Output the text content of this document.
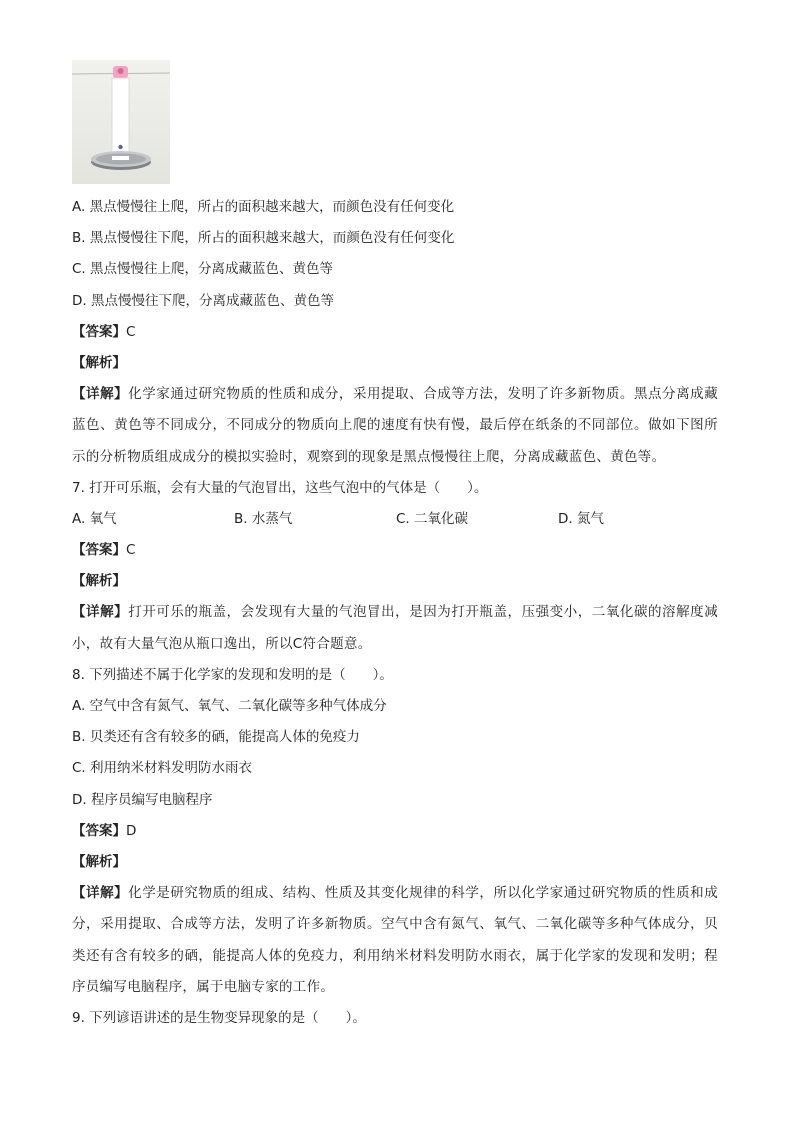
A. 黑点慢慢往上爬，所占的面积越来越大，而颜色没有任何变化
B. 黑点慢慢往下爬，所占的面积越来越大，而颜色没有任何变化
C. 黑点慢慢往上爬，分离成藏蓝色、黄色等
D. 黑点慢慢往下爬，分离成藏蓝色、黄色等
【答案】C
【解析】
【详解】化学家通过研究物质的性质和成分，采用提取、合成等方法，发明了许多新物质。黑点分离成藏蓝色、黄色等不同成分，不同成分的物质向上爬的速度有快有慢，最后停在纸条的不同部位。做如下图所示的分析物质组成成分的模拟实验时，观察到的现象是黑点慢慢往上爬，分离成藏蓝色、黄色等。
7. 打开可乐瓶，会有大量的气泡冒出，这些气泡中的气体是（　　）。
A. 氧气	B. 水蒸气	C. 二氧化碳	D. 氮气
【答案】C
【解析】
【详解】打开可乐的瓶盖，会发现有大量的气泡冒出，是因为打开瓶盖，压强变小，二氧化碳的溶解度减小，故有大量气泡从瓶口逸出，所以C符合题意。
8. 下列描述不属于化学家的发现和发明的是（　　）。
A. 空气中含有氮气、氧气、二氧化碳等多种气体成分
B. 贝类还有含有较多的硒，能提高人体的免疫力
C. 利用纳米材料发明防水雨衣
D. 程序员编写电脑程序
【答案】D
【解析】
【详解】化学是研究物质的组成、结构、性质及其变化规律的科学，所以化学家通过研究物质的性质和成分，采用提取、合成等方法，发明了许多新物质。空气中含有氮气、氧气、二氧化碳等多种气体成分，贝类还有含有较多的硒，能提高人体的免疫力，利用纳米材料发明防水雨衣，属于化学家的发现和发明；程序员编写电脑程序，属于电脑专家的工作。
9. 下列谚语讲述的是生物变异现象的是（　　）。
